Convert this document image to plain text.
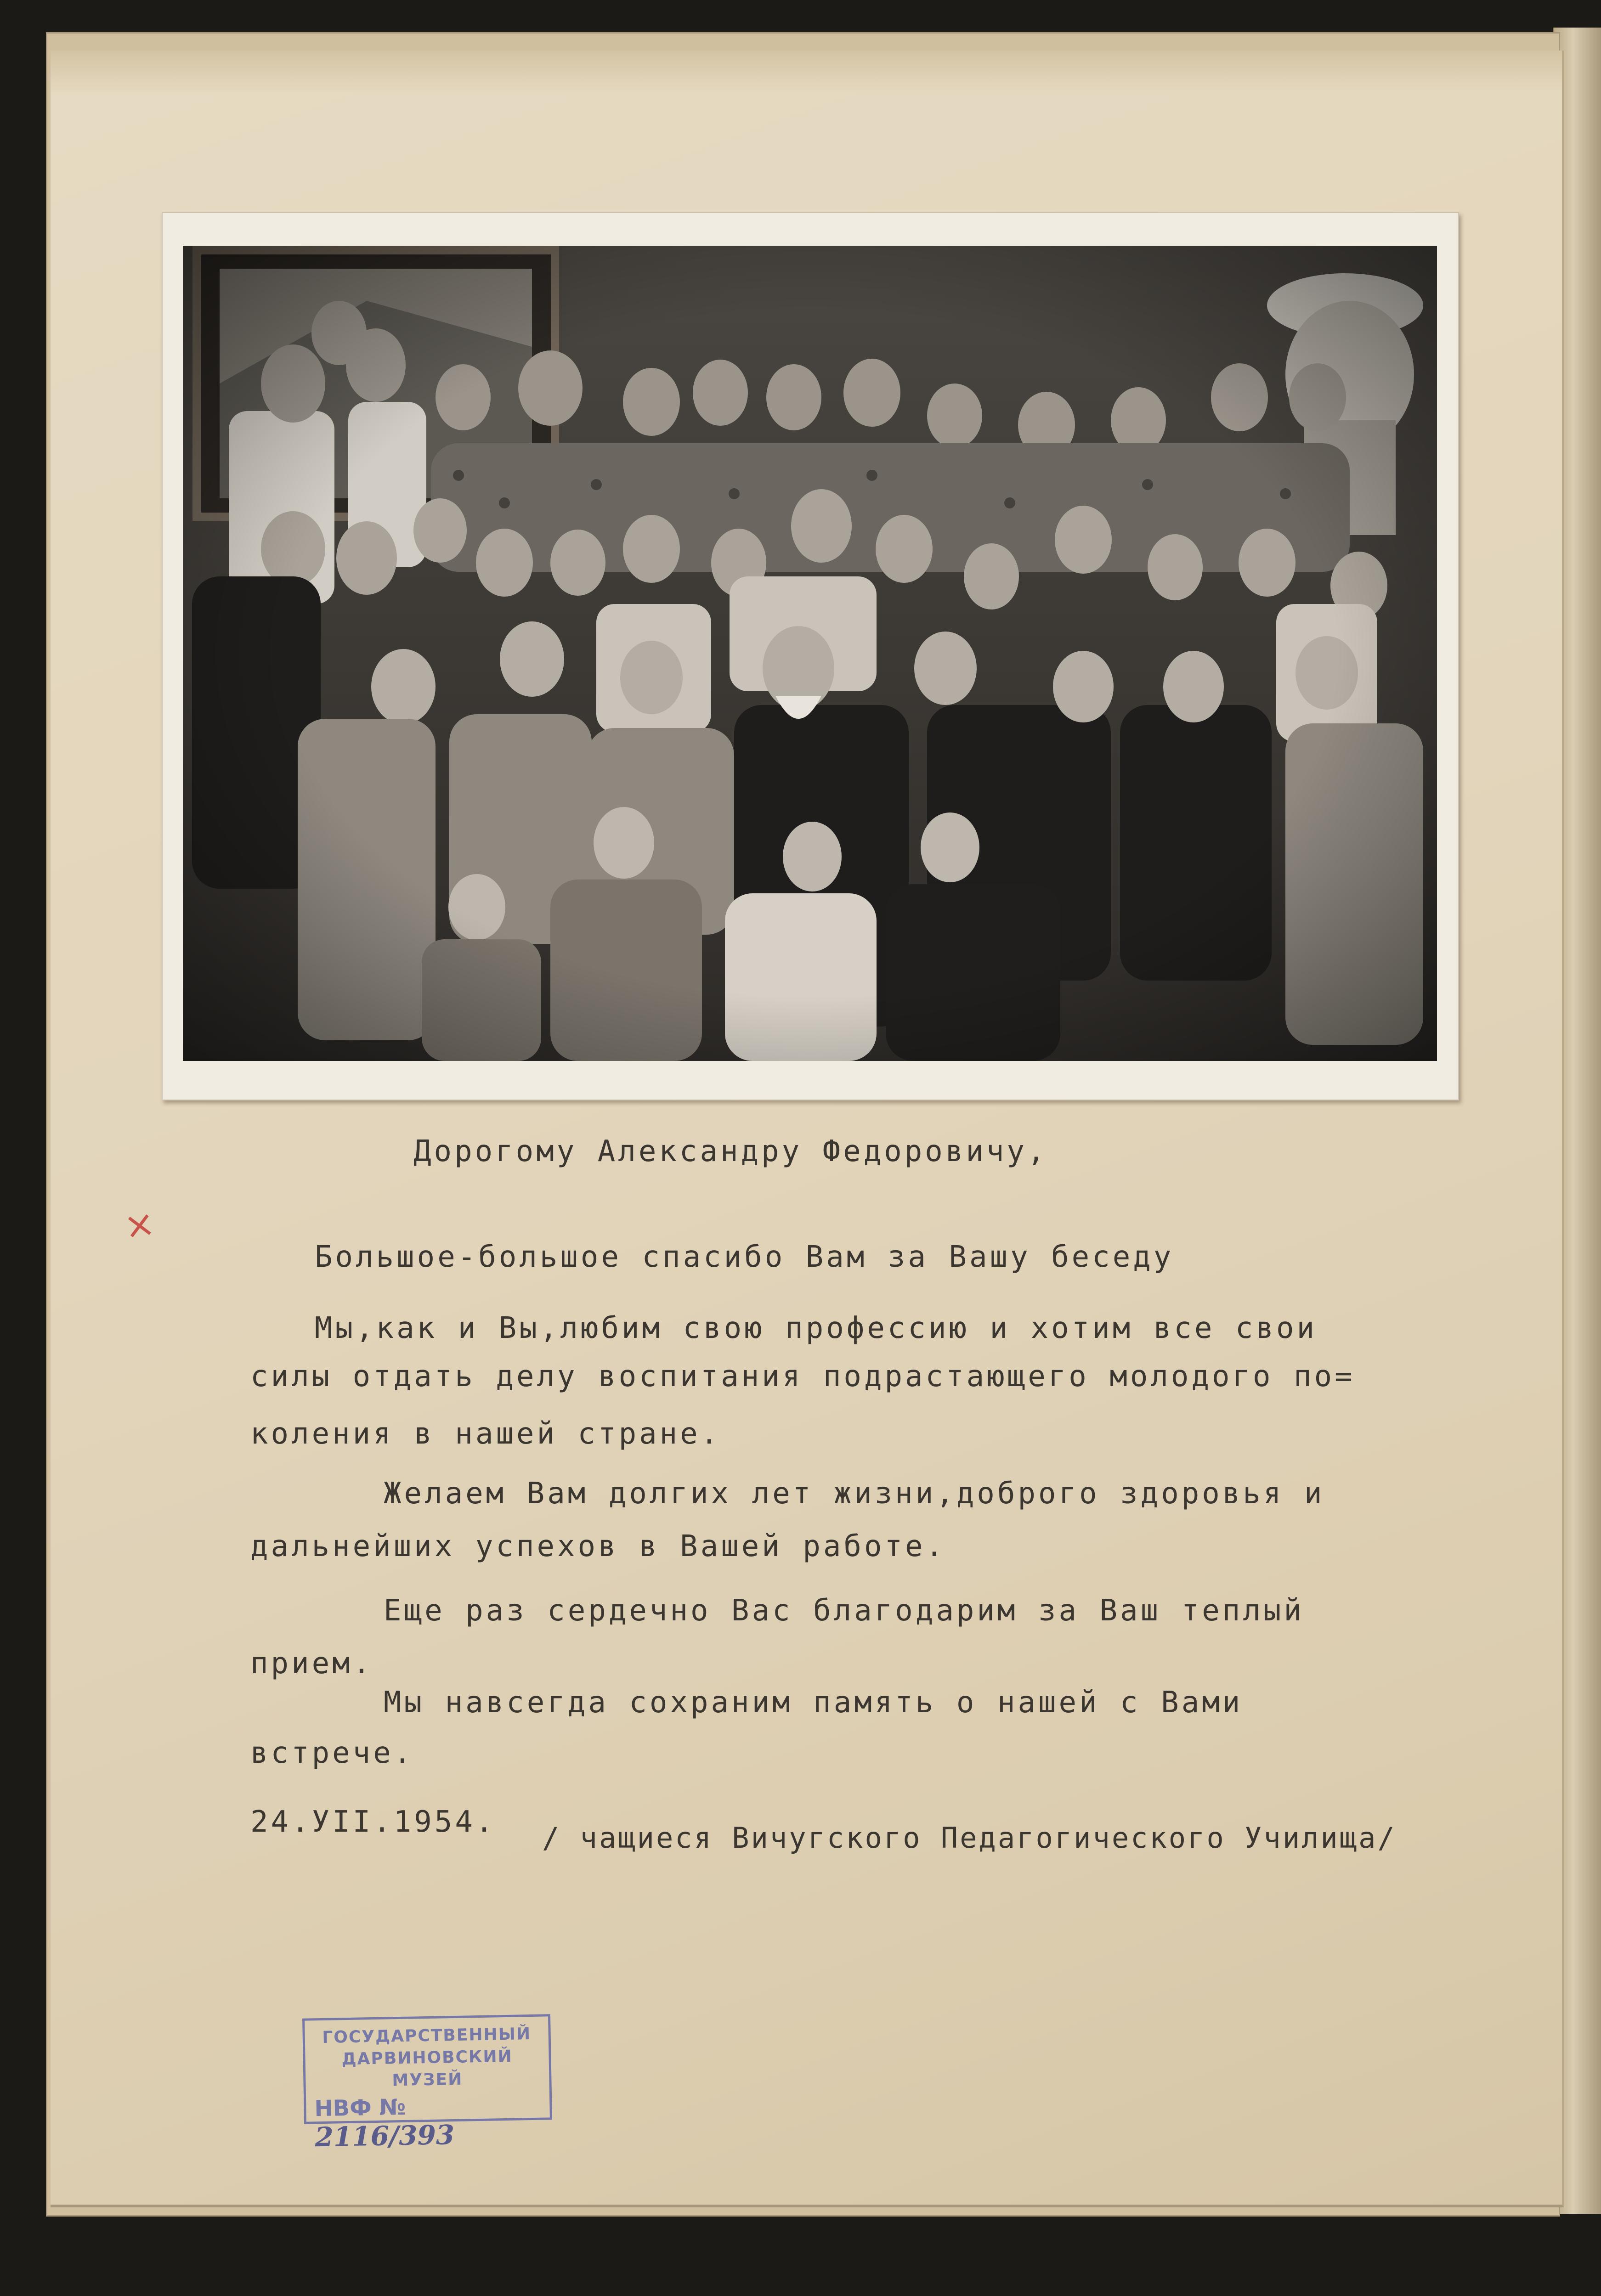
Дорогому Александру Федоровичу,
×
Большое-большое спасибо Вам за Вашу беседу
Мы,как и Вы,любим свою профессию и хотим все свои
силы отдать делу воспитания подрастающего молодого по=
коления в нашей стране.
Желаем Вам долгих лет жизни,доброго здоровья и
дальнейших успехов в Вашей работе.
Еще раз сердечно Вас благодарим за Ваш теплый
прием.
Мы навсегда сохраним память о нашей с Вами
встрече.
24.УII.1954. / чащиеся Вичугского Педагогического Училища/
ГОСУДАРСТВЕННЫЙ
ДАРВИНОВСКИЙ МУЗЕЙ
НВФ № 2116/393
